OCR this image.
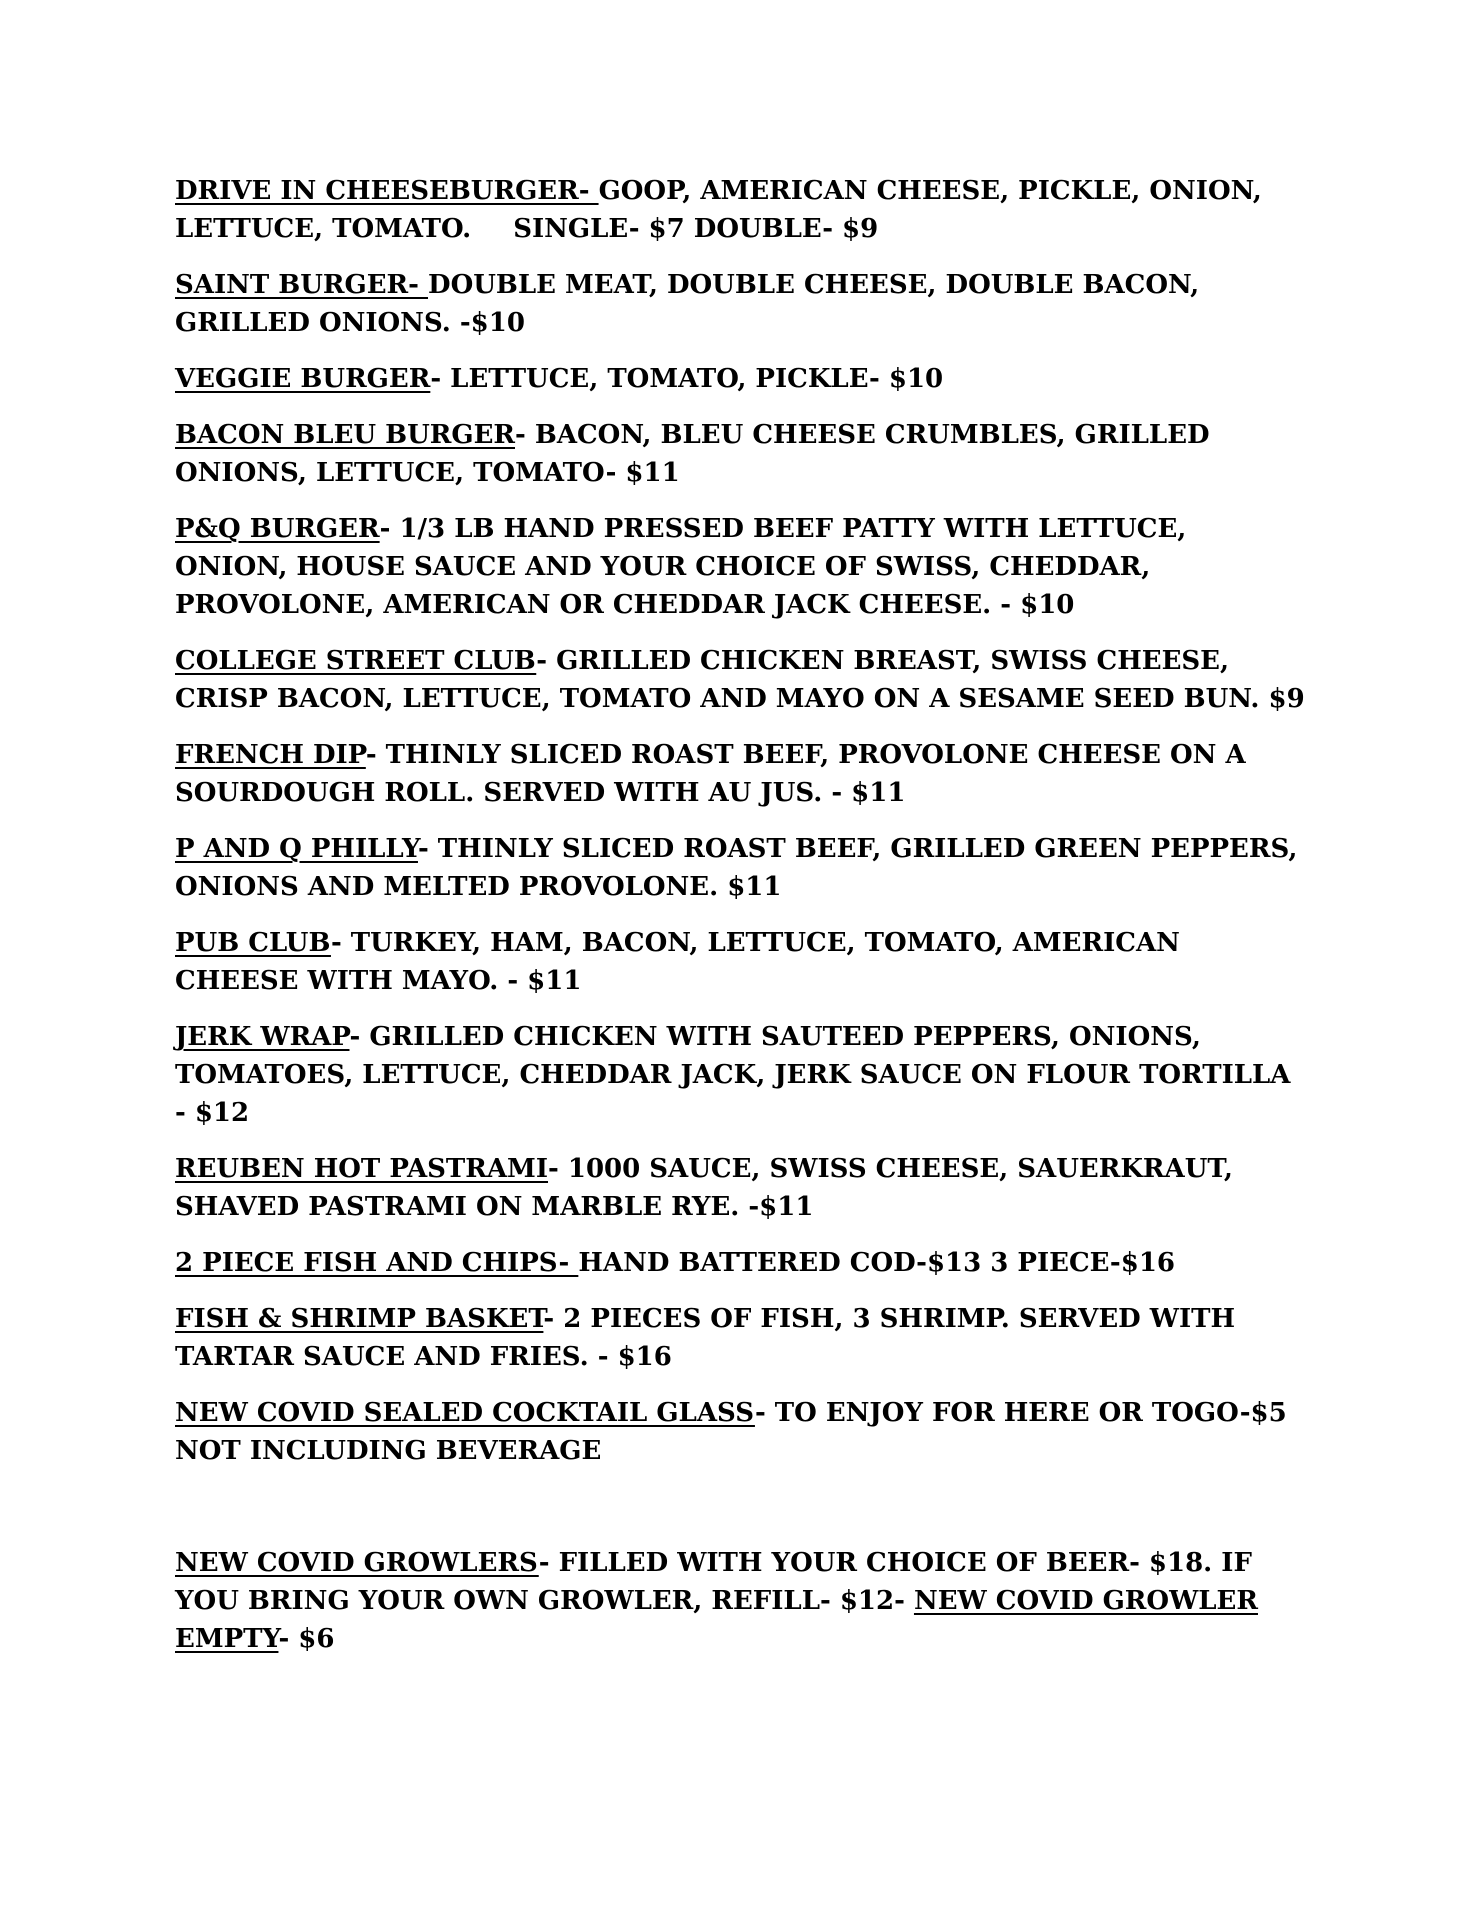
DRIVE IN CHEESEBURGER- GOOP, AMERICAN CHEESE, PICKLE, ONION, LETTUCE, TOMATO. SINGLE- $7 DOUBLE- $9
SAINT BURGER- DOUBLE MEAT, DOUBLE CHEESE, DOUBLE BACON, GRILLED ONIONS. -$10
VEGGIE BURGER- LETTUCE, TOMATO, PICKLE- $10
BACON BLEU BURGER- BACON, BLEU CHEESE CRUMBLES, GRILLED ONIONS, LETTUCE, TOMATO- $11
P&Q BURGER- 1/3 LB HAND PRESSED BEEF PATTY WITH LETTUCE, ONION, HOUSE SAUCE AND YOUR CHOICE OF SWISS, CHEDDAR, PROVOLONE, AMERICAN OR CHEDDAR JACK CHEESE. - $10
COLLEGE STREET CLUB- GRILLED CHICKEN BREAST, SWISS CHEESE, CRISP BACON, LETTUCE, TOMATO AND MAYO ON A SESAME SEED BUN. $9
FRENCH DIP- THINLY SLICED ROAST BEEF, PROVOLONE CHEESE ON A SOURDOUGH ROLL. SERVED WITH AU JUS. - $11
P AND Q PHILLY- THINLY SLICED ROAST BEEF, GRILLED GREEN PEPPERS, ONIONS AND MELTED PROVOLONE. $11
PUB CLUB- TURKEY, HAM, BACON, LETTUCE, TOMATO, AMERICAN CHEESE WITH MAYO. - $11
JERK WRAP- GRILLED CHICKEN WITH SAUTEED PEPPERS, ONIONS, TOMATOES, LETTUCE, CHEDDAR JACK, JERK SAUCE ON FLOUR TORTILLA - $12
REUBEN HOT PASTRAMI- 1000 SAUCE, SWISS CHEESE, SAUERKRAUT, SHAVED PASTRAMI ON MARBLE RYE. -$11
2 PIECE FISH AND CHIPS- HAND BATTERED COD-$13 3 PIECE-$16
FISH & SHRIMP BASKET- 2 PIECES OF FISH, 3 SHRIMP. SERVED WITH TARTAR SAUCE AND FRIES. - $16
NEW COVID SEALED COCKTAIL GLASS- TO ENJOY FOR HERE OR TOGO-$5 NOT INCLUDING BEVERAGE
NEW COVID GROWLERS- FILLED WITH YOUR CHOICE OF BEER- $18. IF YOU BRING YOUR OWN GROWLER, REFILL- $12- NEW COVID GROWLER EMPTY- $6
